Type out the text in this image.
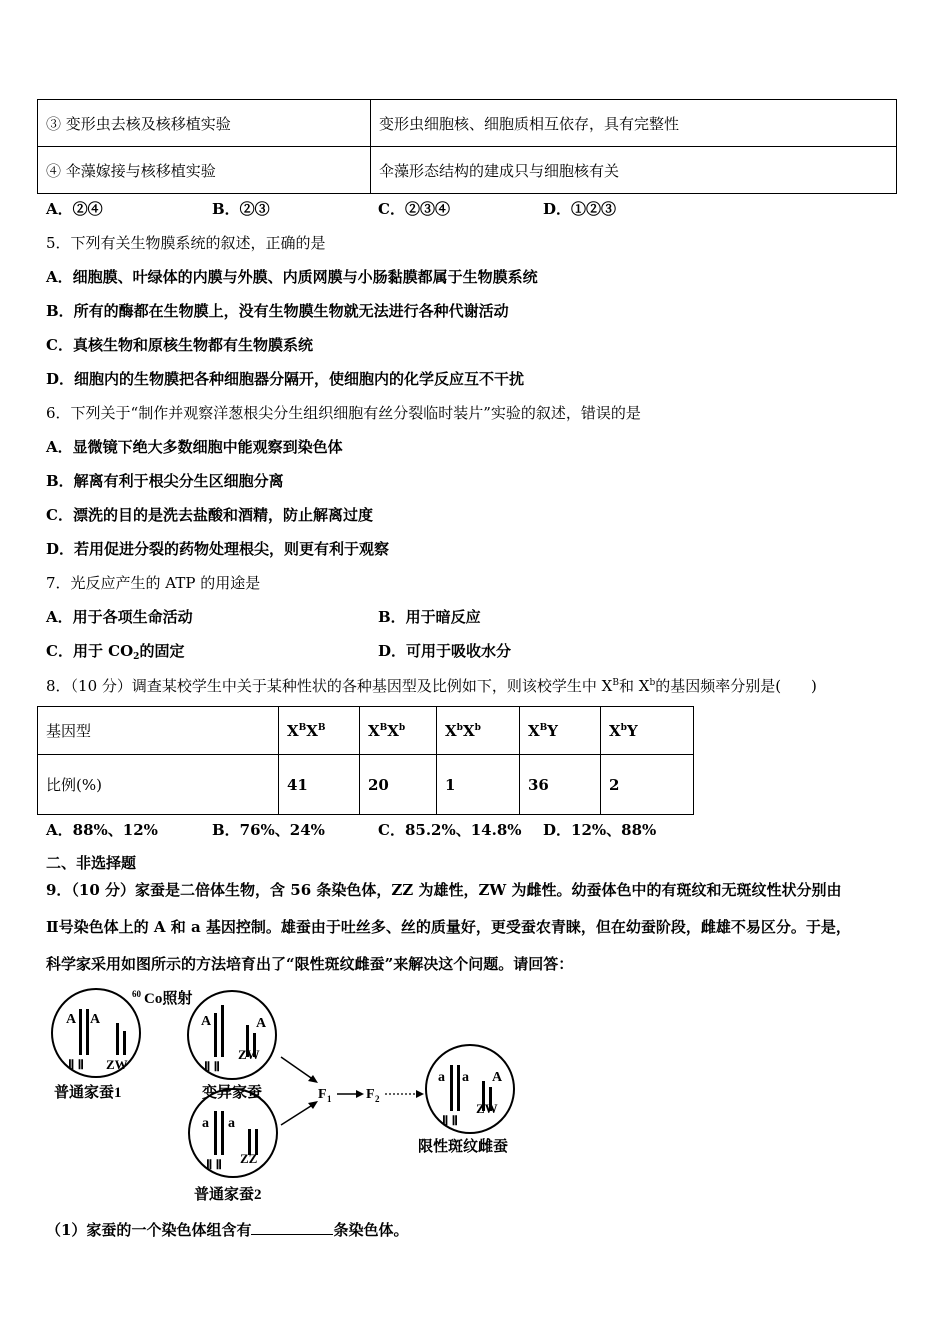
③ 变形虫去核及核移植实验	变形虫细胞核、细胞质相互依存，具有完整性
④ 伞藻嫁接与核移植实验	伞藻形态结构的建成只与细胞核有关
A．②④	B．②③	C．②③④	D．①②③
5．下列有关生物膜系统的叙述，正确的是
A．细胞膜、叶绿体的内膜与外膜、内质网膜与小肠黏膜都属于生物膜系统
B．所有的酶都在生物膜上，没有生物膜生物就无法进行各种代谢活动
C．真核生物和原核生物都有生物膜系统
D．细胞内的生物膜把各种细胞器分隔开，使细胞内的化学反应互不干扰
6．下列关于“制作并观察洋葱根尖分生组织细胞有丝分裂临时装片”实验的叙述，错误的是
A．显微镜下绝大多数细胞中能观察到染色体
B．解离有利于根尖分生区细胞分离
C．漂洗的目的是洗去盐酸和酒精，防止解离过度
D．若用促进分裂的药物处理根尖，则更有利于观察
7．光反应产生的 ATP 的用途是
A．用于各项生命活动	B．用于暗反应
C．用于 $CO_2$的固定	D．可用于吸收水分
8．（10 分）调查某校学生中关于某种性状的各种基因型及比例如下，则该校学生中 $X^B$和 $X^b$的基因频率分别是(　　)
基因型	$X^BX^B$	$X^BX^b$	$X^bX^b$	$X^BY$	$X^bY$
比例(%)	41	20	1	36	2
A．88%、12%	B．76%、24%	C．85.2%、14.8% D．12%、88%
二、非选择题
9．（10 分）家蚕是二倍体生物，含 56 条染色体，ZZ 为雄性，ZW 为雌性。幼蚕体色中的有斑纹和无斑纹性状分别由
Ⅱ号染色体上的 A 和 a 基因控制。雄蚕由于吐丝多、丝的质量好，更受蚕农青睐，但在幼蚕阶段，雌雄不易区分。于是，
科学家采用如图所示的方法培育出了“限性斑纹雌蚕”来解决这个问题。请回答：
A A
Ⅱ Ⅱ ZW
普通家蚕1
60 Co照射
A	A
Ⅱ Ⅱ
ZW
变异家蚕
a a
Ⅱ Ⅱ ZZ
普通家蚕2
F 1 F 2
a a A
Ⅱ Ⅱ
ZW
限性斑纹雌蚕
（1）家蚕的一个染色体组含有	条染色体。
